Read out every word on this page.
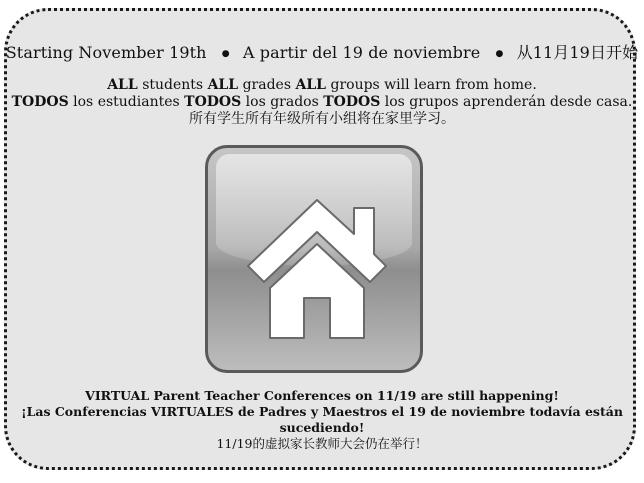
Starting November 19th ● A partir del 19 de noviembre ● 从11月19日开始
ALL students ALL grades ALL groups will learn from home.
TODOS los estudiantes TODOS los grados TODOS los grupos aprenderán desde casa.
所有学生所有年级所有小组将在家里学习。
VIRTUAL Parent Teacher Conferences on 11/19 are still happening!
¡Las Conferencias VIRTUALES de Padres y Maestros el 19 de noviembre todavía están sucediendo!
11/19的虚拟家长教师大会仍在举行！
